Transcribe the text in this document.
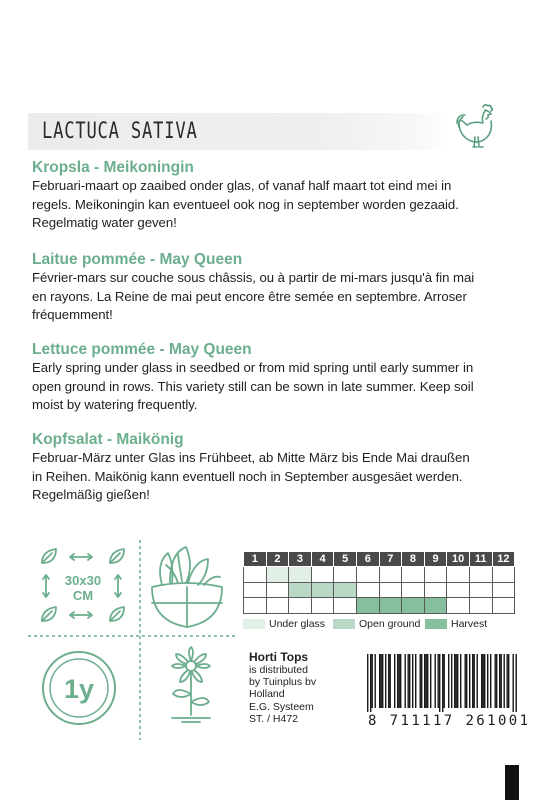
LACTUCA SATIVA
Kropsla - Meikoningin
Februari-maart op zaaibed onder glas, of vanaf half maart tot eind mei in
regels. Meikoningin kan eventueel ook nog in september worden gezaaid.
Regelmatig water geven!
Laitue pommée - May Queen
Février-mars sur couche sous châssis, ou à partir de mi-mars jusqu'à fin mai
en rayons. La Reine de mai peut encore être semée en septembre. Arroser
fréquemment!
Lettuce pommée - May Queen
Early spring under glass in seedbed or from mid spring until early summer in
open ground in rows. This variety still can be sown in late summer. Keep soil
moist by watering frequently.
Kopfsalat - Maikönig
Februar-März unter Glas ins Frühbeet, ab Mitte März bis Ende Mai draußen
in Reihen. Maikönig kann eventuell noch in September ausgesäet werden.
Regelmäßig gießen!
30x30
CM
1y
1	2	3	4	5	6	7	8	9	10	11	12

Under glass	Open ground	Harvest
Horti Tops
is distributed
by Tuinplus bv
Holland
E.G. Systeem
ST. / H472	8 711117 261001
